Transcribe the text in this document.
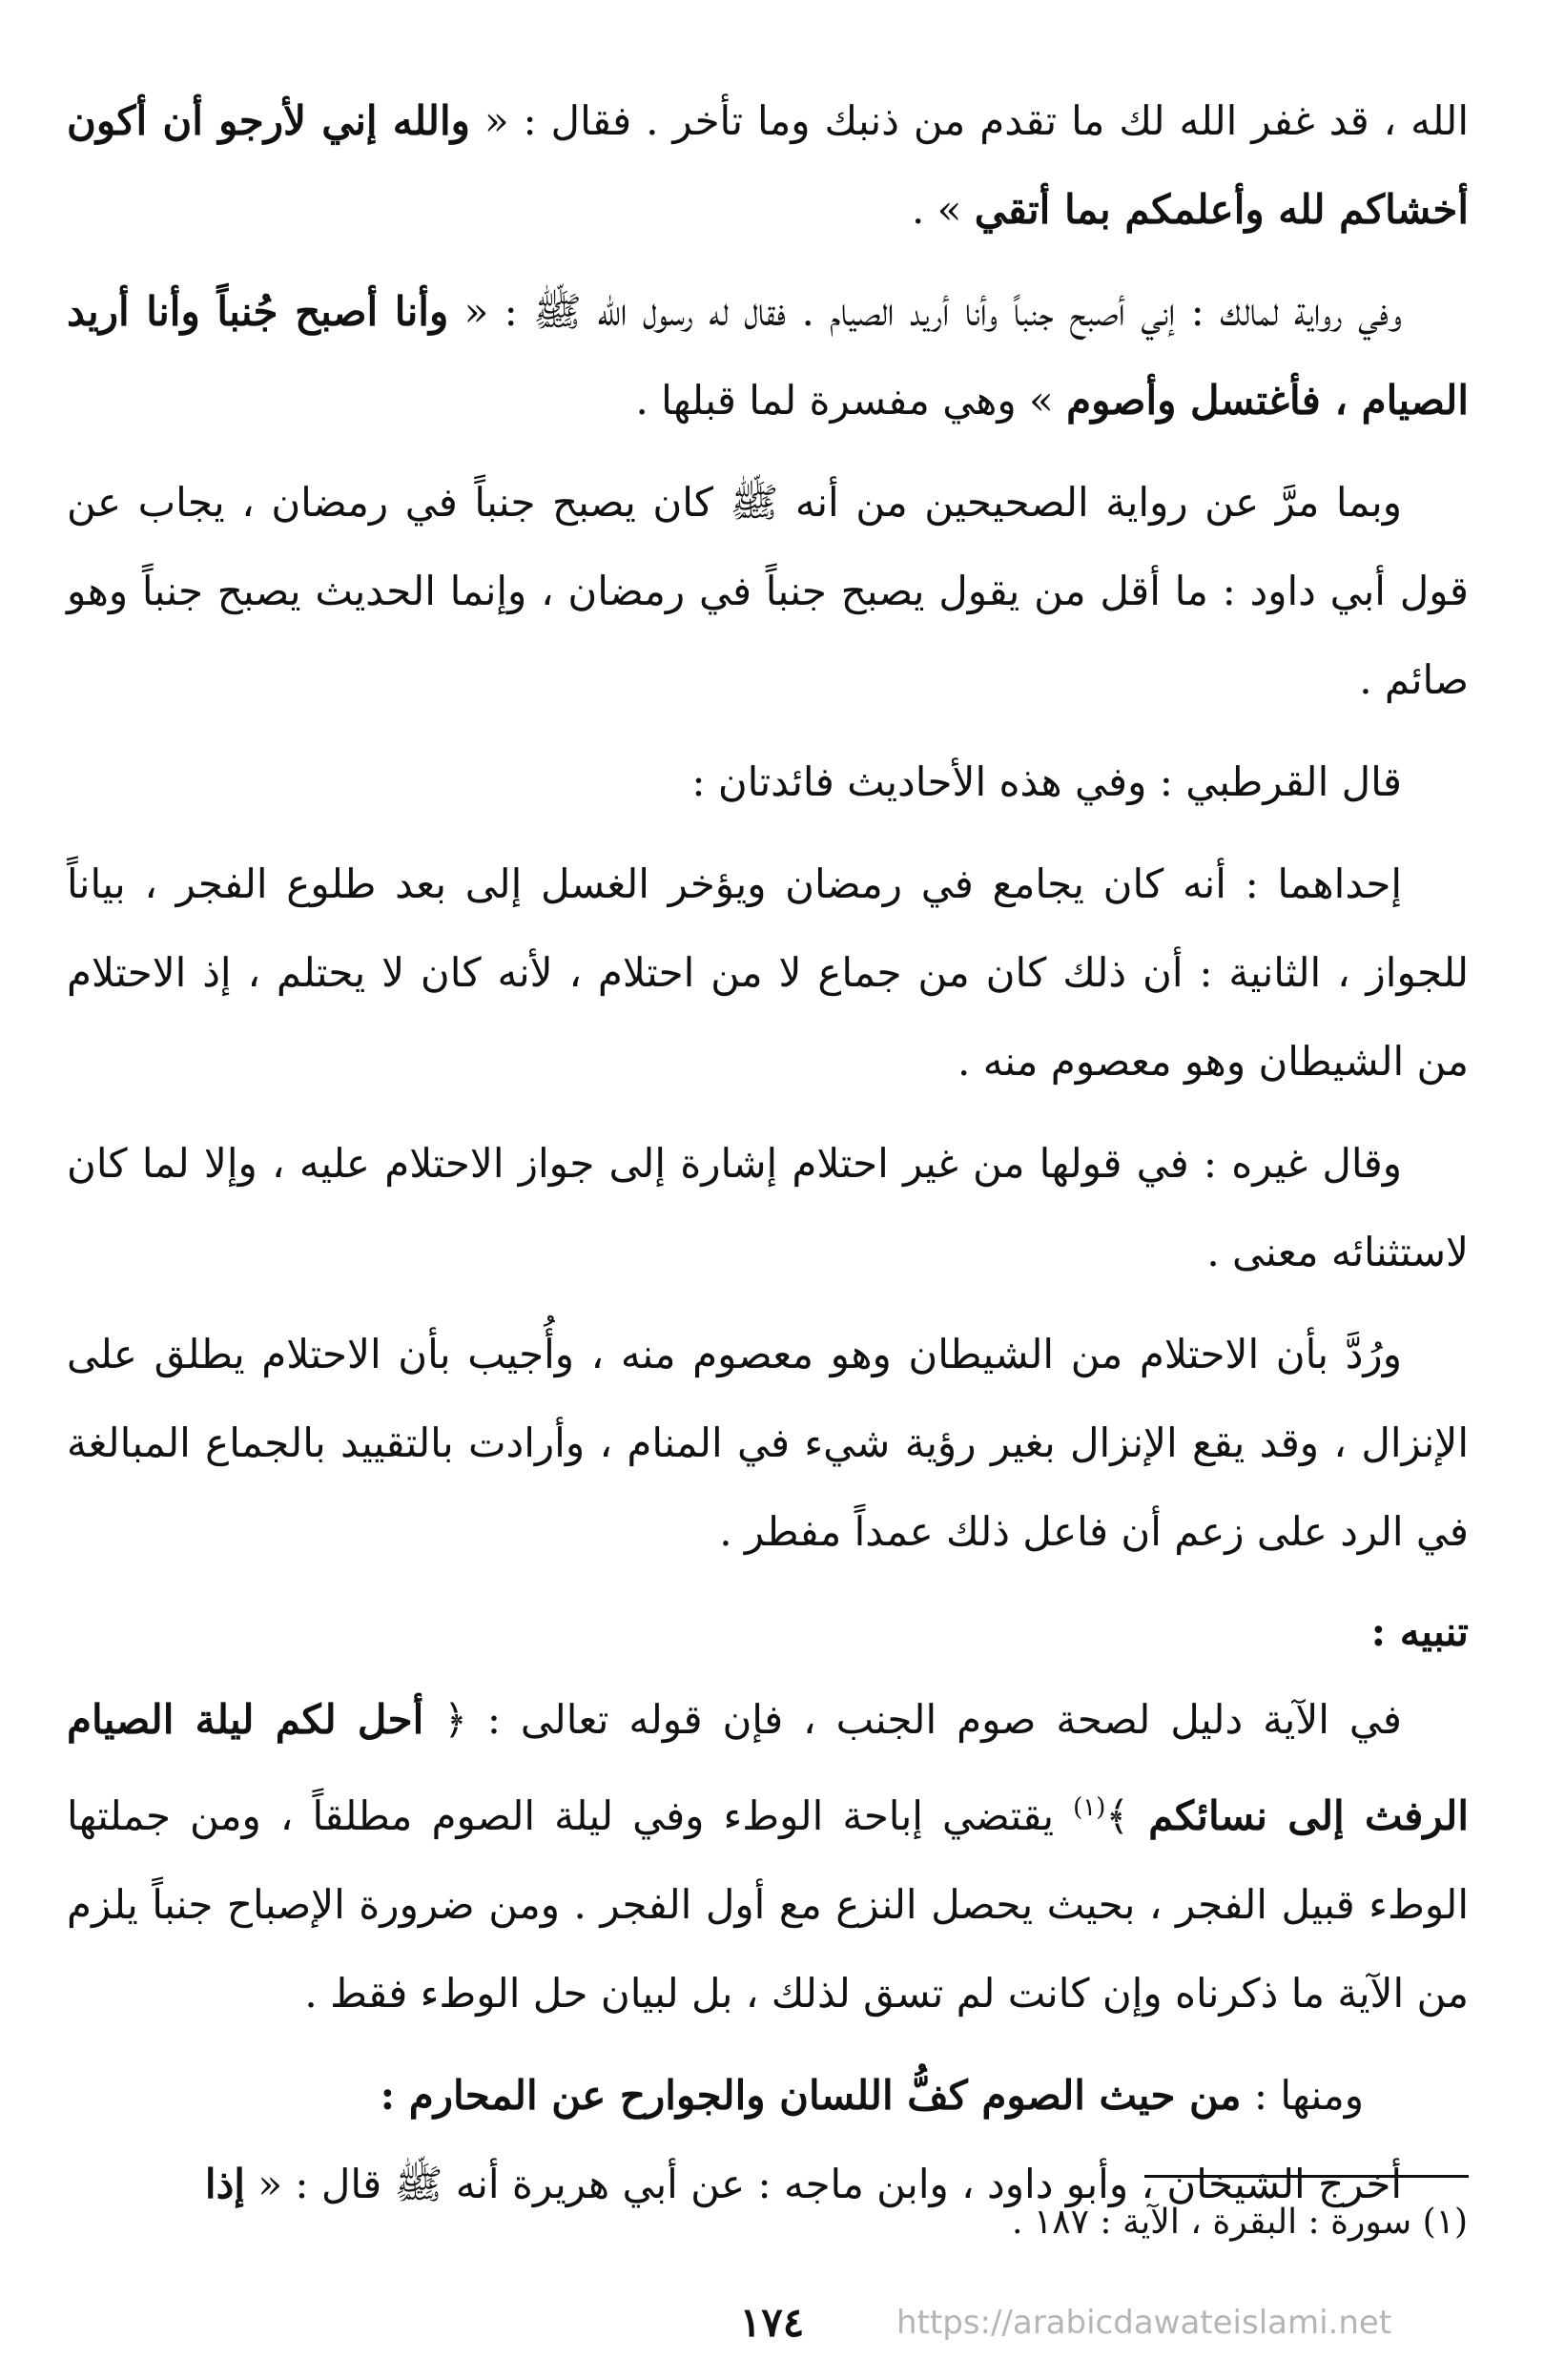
الله ، قد غفر الله لك ما تقدم من ذنبك وما تأخر . فقال : « والله إني لأرجو أن أكون أخشاكم لله وأعلمكم بما أتقي » .

وفي رواية لمالك : إني أصبح جنباً وأنا أريد الصيام . فقال له رسول الله ﷺ : « وأنا أصبح جُنباً وأنا أريد الصيام ، فأغتسل وأصوم » وهي مفسرة لما قبلها .

وبما مرَّ عن رواية الصحيحين من أنه ﷺ كان يصبح جنباً في رمضان ، يجاب عن قول أبي داود : ما أقل من يقول يصبح جنباً في رمضان ، وإنما الحديث يصبح جنباً وهو صائم .

قال القرطبي : وفي هذه الأحاديث فائدتان :

إحداهما : أنه كان يجامع في رمضان ويؤخر الغسل إلى بعد طلوع الفجر ، بياناً للجواز ، الثانية : أن ذلك كان من جماع لا من احتلام ، لأنه كان لا يحتلم ، إذ الاحتلام من الشيطان وهو معصوم منه .

وقال غيره : في قولها من غير احتلام إشارة إلى جواز الاحتلام عليه ، وإلا لما كان لاستثنائه معنى .

ورُدَّ بأن الاحتلام من الشيطان وهو معصوم منه ، وأُجيب بأن الاحتلام يطلق على الإنزال ، وقد يقع الإنزال بغير رؤية شيء في المنام ، وأرادت بالتقييد بالجماع المبالغة في الرد على زعم أن فاعل ذلك عمداً مفطر .

تنبيه :

في الآية دليل لصحة صوم الجنب ، فإن قوله تعالى : ﴿ أحل لكم ليلة الصيام الرفث إلى نسائكم ﴾$^{(١)}$ يقتضي إباحة الوطء وفي ليلة الصوم مطلقاً ، ومن جملتها الوطء قبيل الفجر ، بحيث يحصل النزع مع أول الفجر . ومن ضرورة الإصباح جنباً يلزم من الآية ما ذكرناه وإن كانت لم تسق لذلك ، بل لبيان حل الوطء فقط .

ومنها : من حيث الصوم كفُّ اللسان والجوارح عن المحارم :

أخرج الشيخان ، وأبو داود ، وابن ماجه : عن أبي هريرة أنه ﷺ قال : « إذا

(١) سورة : البقرة ، الآية : ١٨٧ .
١٧٤	https://arabicdawateislami.net
